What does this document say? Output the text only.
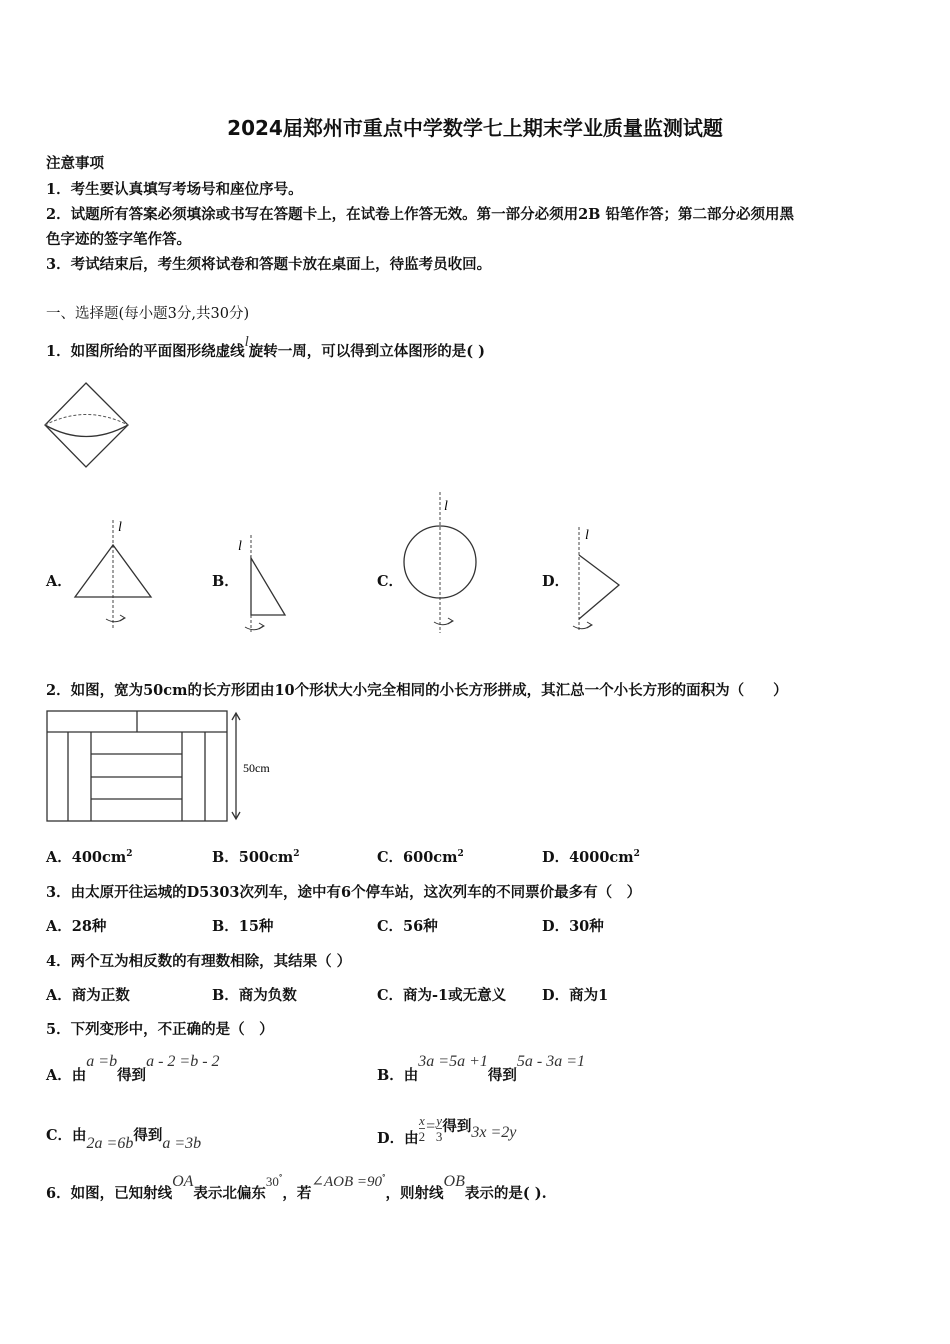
2024届郑州市重点中学数学七上期末学业质量监测试题
注意事项
1．考生要认真填写考场号和座位序号。
2．试题所有答案必须填涂或书写在答题卡上，在试卷上作答无效。第一部分必须用2B 铅笔作答；第二部分必须用黑
色字迹的签字笔作答。
3．考试结束后，考生须将试卷和答题卡放在桌面上，待监考员收回。
一、选择题(每小题3分,共30分)
1．如图所给的平面图形绕虚线l旋转一周，可以得到立体图形的是( )
A．	B．	C．	D．
l
l
l
l
2．如图，宽为50cm的长方形团由10个形状大小完全相同的小长方形拼成，其汇总一个小长方形的面积为（　　）
50cm
A．$400cm^2$	B．$500cm^2$	C．$600cm^2$	D．$4000cm^2$
3．由太原开往运城的D5303次列车，途中有6个停车站，这次列车的不同票价最多有（　）
A．28种	B．15种	C．56种	D．30种
4．两个互为相反数的有理数相除，其结果（ ）
A．商为正数	B．商为负数	C．商为-1或无意义 D．商为1
5．下列变形中，不正确的是（　）
A．由a =b得到a - 2 =b - 2
B．由3a =5a +1得到5a - 3a =1
C．由2a =6b得到a =3b	D．由 $\frac{x}{2} = \frac{y}{3}$ 得到3x =2y
6．如图，已知射线OA表示北偏东30°，若∠AOB =90°，则射线OB表示的是( ).
